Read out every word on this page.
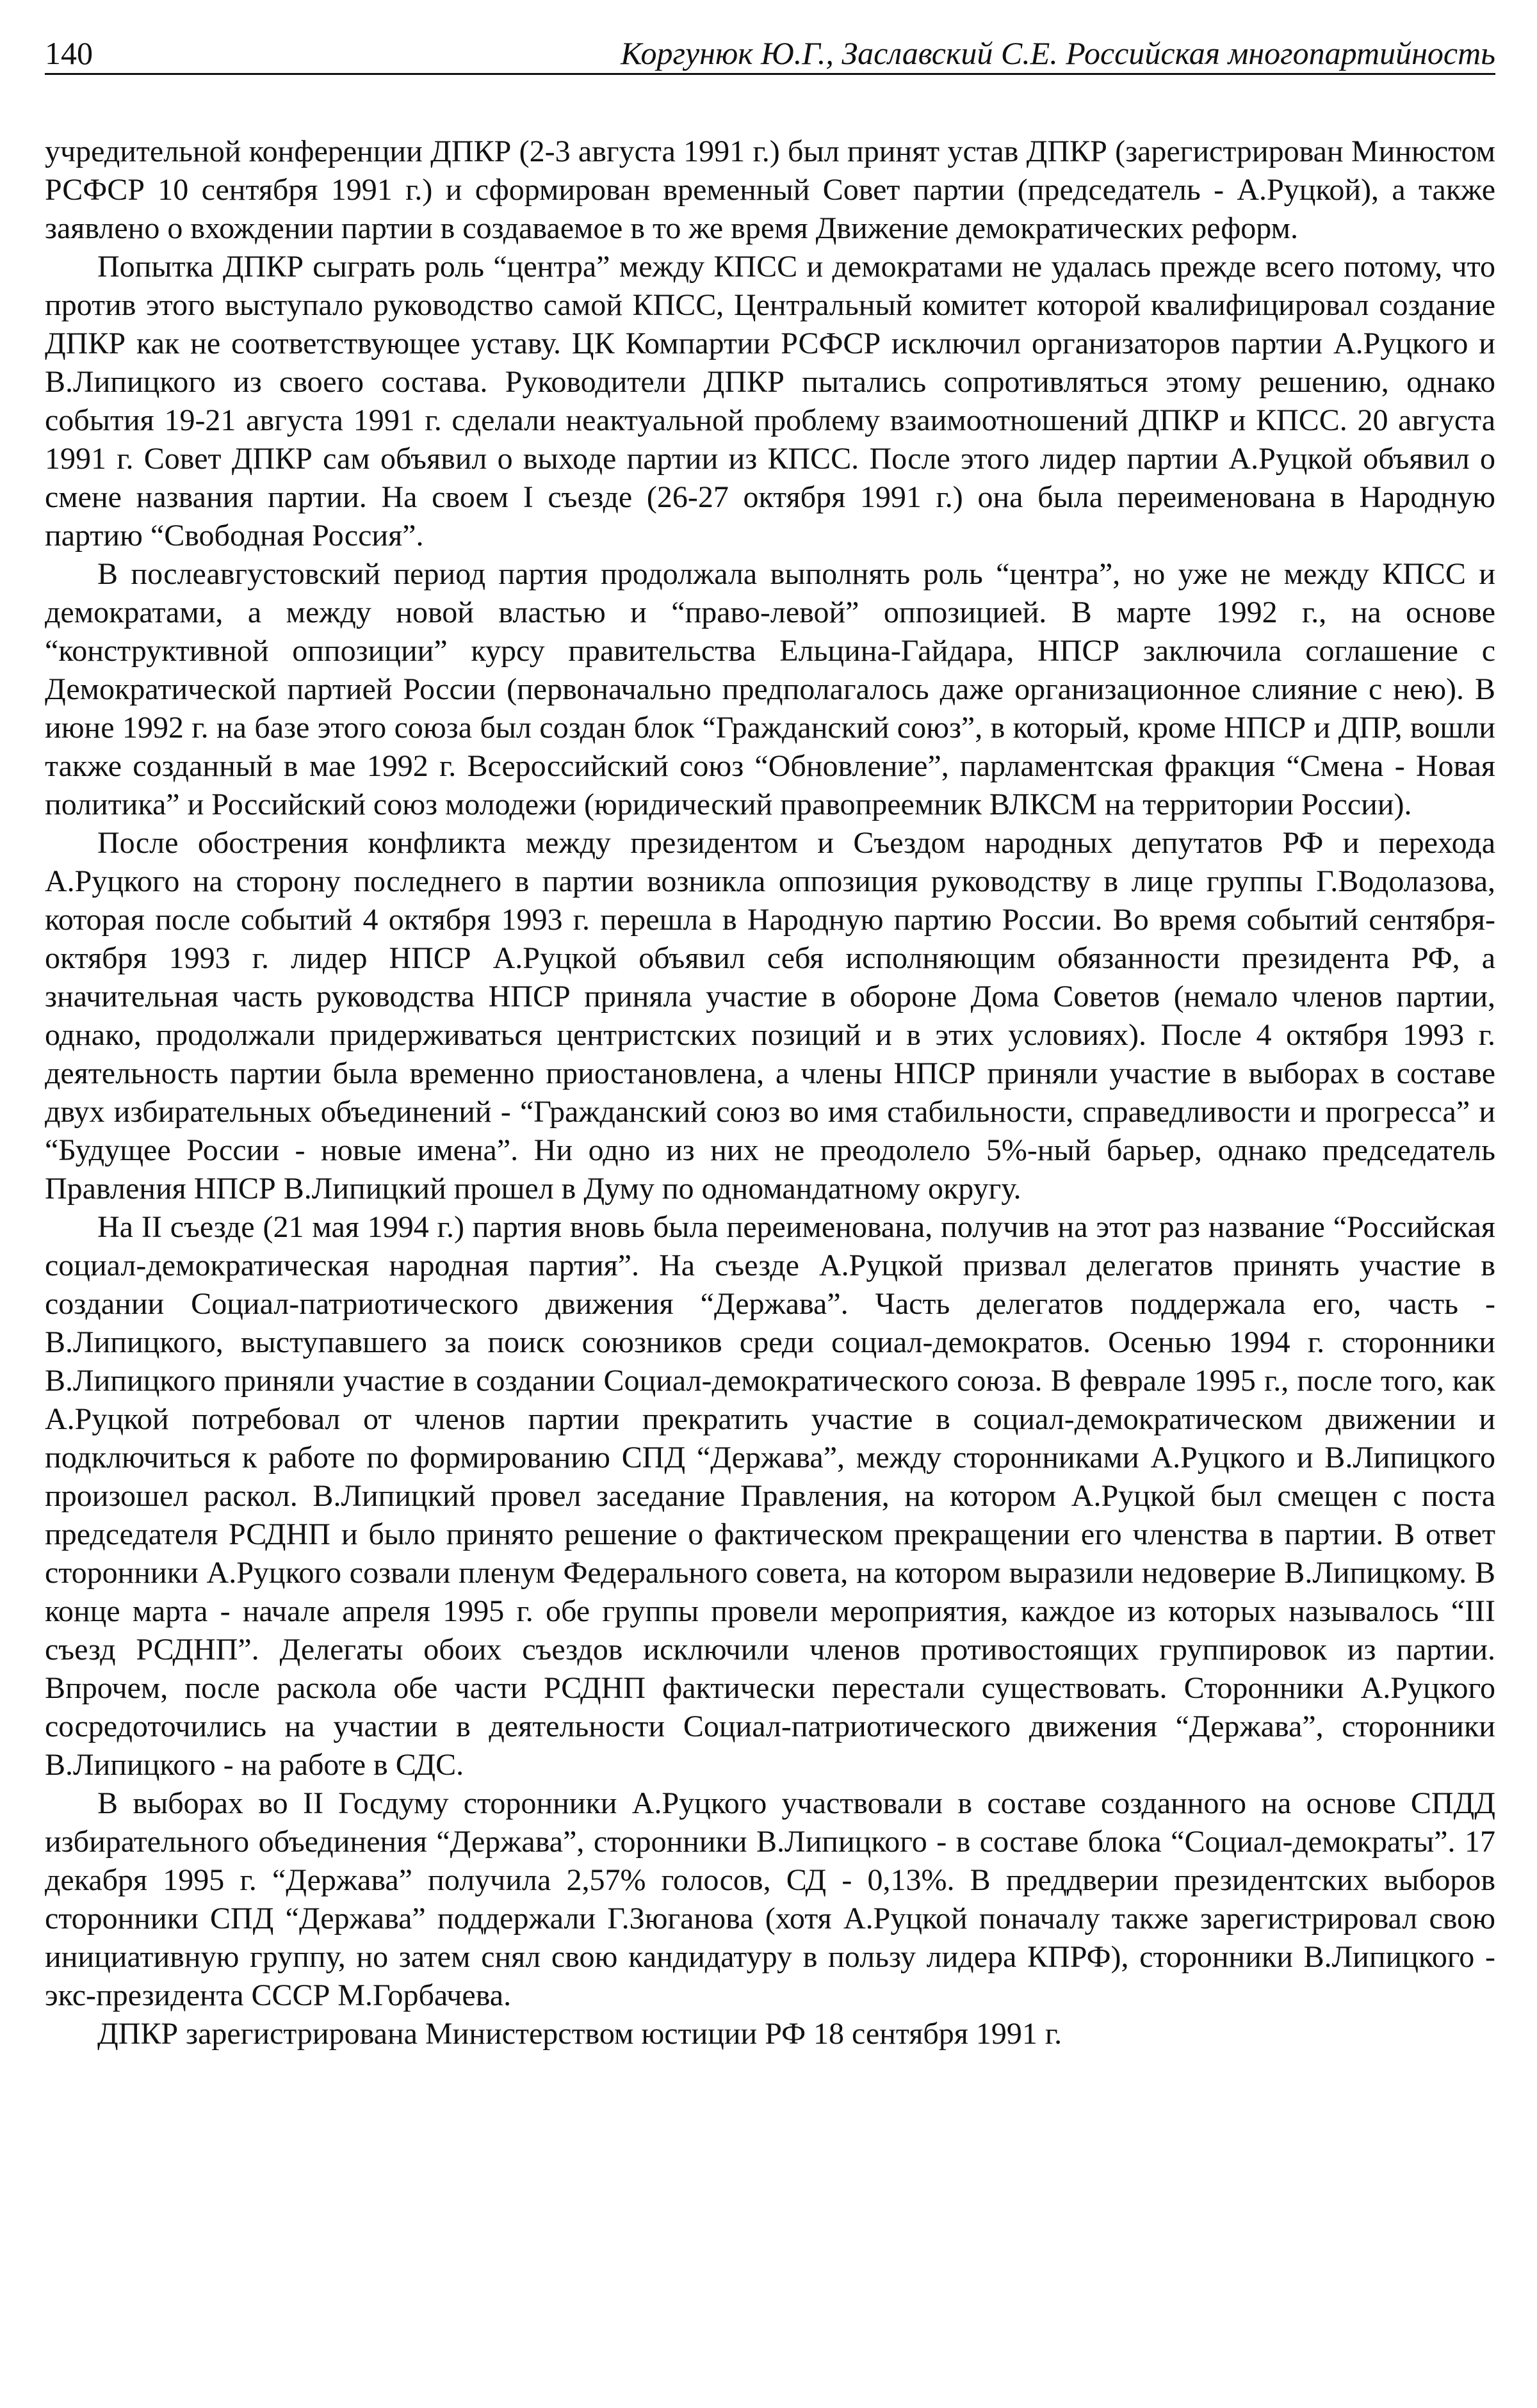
140	Коргунюк Ю.Г., Заславский С.Е. Российская многопартийность

учредительной конференции ДПКР (2-3 августа 1991 г.) был принят устав ДПКР (зарегистрирован Минюстом РСФСР 10 сентября 1991 г.) и сформирован временный Совет партии (председатель - А.Руцкой), а также заявлено о вхождении партии в создаваемое в то же время Движение демократических реформ.

Попытка ДПКР сыграть роль “центра” между КПСС и демократами не удалась прежде всего потому, что против этого выступало руководство самой КПСС, Центральный комитет которой квалифицировал создание ДПКР как не соответствующее уставу. ЦК Компартии РСФСР исключил организаторов партии А.Руцкого и В.Липицкого из своего состава. Руководители ДПКР пытались сопротивляться этому решению, однако события 19-21 августа 1991 г. сделали неактуальной проблему взаимоотношений ДПКР и КПСС. 20 августа 1991 г. Совет ДПКР сам объявил о выходе партии из КПСС. После этого лидер партии А.Руцкой объявил о смене названия партии. На своем I съезде (26-27 октября 1991 г.) она была переименована в Народную партию “Свободная Россия”.

В послеавгустовский период партия продолжала выполнять роль “центра”, но уже не между КПСС и демократами, а между новой властью и “право-левой” оппозицией. В марте 1992 г., на основе “конструктивной оппозиции” курсу правительства Ельцина-Гайдара, НПСР заключила соглашение с Демократической партией России (первоначально предполагалось даже организационное слияние с нею). В июне 1992 г. на базе этого союза был создан блок “Гражданский союз”, в который, кроме НПСР и ДПР, вошли также созданный в мае 1992 г. Всероссийский союз “Обновление”, парламентская фракция “Смена - Новая политика” и Российский союз молодежи (юридический правопреемник ВЛКСМ на территории России).

После обострения конфликта между президентом и Съездом народных депутатов РФ и перехода А.Руцкого на сторону последнего в партии возникла оппозиция руководству в лице группы Г.Водолазова, которая после событий 4 октября 1993 г. перешла в Народную партию России. Во время событий сентября-октября 1993 г. лидер НПСР А.Руцкой объявил себя исполняющим обязанности президента РФ, а значительная часть руководства НПСР приняла участие в обороне Дома Советов (немало членов партии, однако, продолжали придерживаться центристских позиций и в этих условиях). После 4 октября 1993 г. деятельность партии была временно приостановлена, а члены НПСР приняли участие в выборах в составе двух избирательных объединений - “Гражданский союз во имя стабильности, справедливости и прогресса” и “Будущее России - новые имена”. Ни одно из них не преодолело 5%-ный барьер, однако председатель Правления НПСР В.Липицкий прошел в Думу по одномандатному округу.

На II съезде (21 мая 1994 г.) партия вновь была переименована, получив на этот раз название “Российская социал-демократическая народная партия”. На съезде А.Руцкой призвал делегатов принять участие в создании Социал-патриотического движения “Держава”. Часть делегатов поддержала его, часть - В.Липицкого, выступавшего за поиск союзников среди социал-демократов. Осенью 1994 г. сторонники В.Липицкого приняли участие в создании Социал-демократического союза. В феврале 1995 г., после того, как А.Руцкой потребовал от членов партии прекратить участие в социал-демократическом движении и подключиться к работе по формированию СПД “Держава”, между сторонниками А.Руцкого и В.Липицкого произошел раскол. В.Липицкий провел заседание Правления, на котором А.Руцкой был смещен с поста председателя РСДНП и было принято решение о фактическом прекращении его членства в партии. В ответ сторонники А.Руцкого созвали пленум Федерального совета, на котором выразили недоверие В.Липицкому. В конце марта - начале апреля 1995 г. обе группы провели мероприятия, каждое из которых называлось “III съезд РСДНП”. Делегаты обоих съездов исключили членов противостоящих группировок из партии. Впрочем, после раскола обе части РСДНП фактически перестали существовать. Сторонники А.Руцкого сосредоточились на участии в деятельности Социал-патриотического движения “Держава”, сторонники В.Липицкого - на работе в СДС.

В выборах во II Госдуму сторонники А.Руцкого участвовали в составе созданного на основе СПДД избирательного объединения “Держава”, сторонники В.Липицкого - в составе блока “Социал-демократы”. 17 декабря 1995 г. “Держава” получила 2,57% голосов, СД - 0,13%. В преддверии президентских выборов сторонники СПД “Держава” поддержали Г.Зюганова (хотя А.Руцкой поначалу также зарегистрировал свою инициативную группу, но затем снял свою кандидатуру в пользу лидера КПРФ), сторонники В.Липицкого - экс-президента СССР М.Горбачева.

ДПКР зарегистрирована Министерством юстиции РФ 18 сентября 1991 г.
